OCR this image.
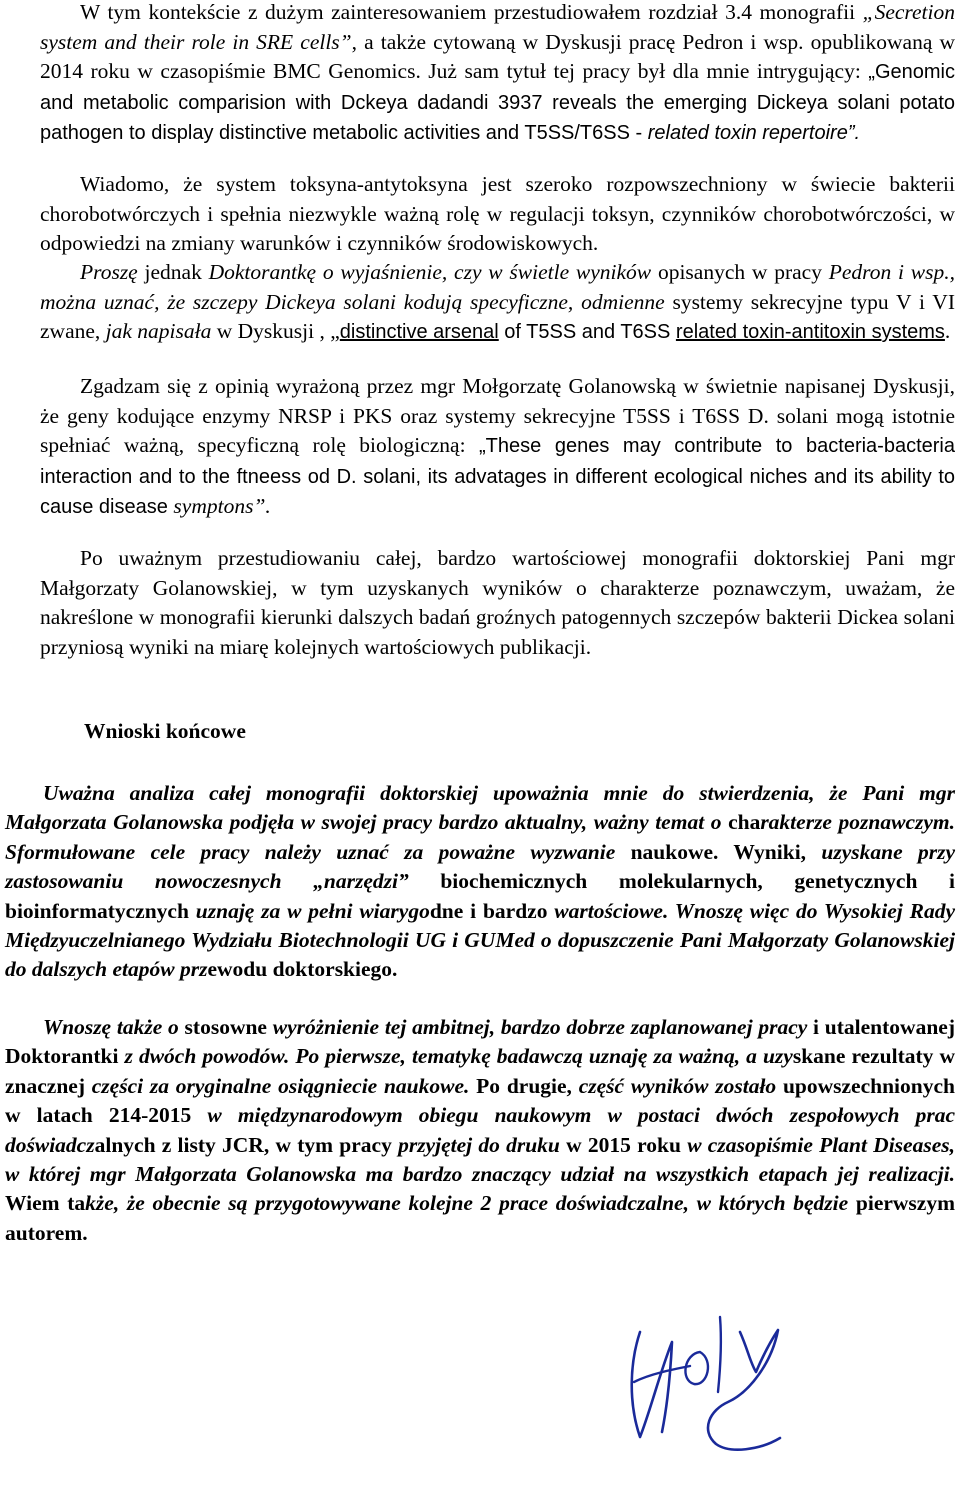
W tym kontekście z dużym zainteresowaniem przestudiowałem rozdział 3.4 monografii „Secretion system and their role in SRE cells”, a także cytowaną w Dyskusji pracę Pedron i wsp. opublikowaną w 2014 roku w czasopiśmie BMC Genomics. Już sam tytuł tej pracy był dla mnie intrygujący: „Genomic and metabolic comparision with Dckeya dadandi 3937 reveals the emerging Dickeya solani potato pathogen to display distinctive metabolic activities and T5SS/T6SS - related toxin repertoire”.

Wiadomo, że system toksyna-antytoksyna jest szeroko rozpowszechniony w świecie bakterii chorobotwórczych i spełnia niezwykle ważną rolę w regulacji toksyn, czynników chorobotwórczości, w odpowiedzi na zmiany warunków i czynników środowiskowych.

Proszę jednak Doktorantkę o wyjaśnienie, czy w świetle wyników opisanych w pracy Pedron i wsp., można uznać, że szczepy Dickeya solani kodują specyficzne, odmienne systemy sekrecyjne typu V i VI zwane, jak napisała w Dyskusji , „distinctive arsenal of T5SS and T6SS related toxin-antitoxin systems.

Zgadzam się z opinią wyrażoną przez mgr Mołgorzatę Golanowską w świetnie napisanej Dyskusji, że geny kodujące enzymy NRSP i PKS oraz systemy sekrecyjne T5SS i T6SS D. solani mogą istotnie spełniać ważną, specyficzną rolę biologiczną: „These genes may contribute to bacteria-bacteria interaction and to the ftneess od D. solani, its advatages in different ecological niches and its ability to cause disease symptons”.

Po uważnym przestudiowaniu całej, bardzo wartościowej monografii doktorskiej Pani mgr Małgorzaty Golanowskiej, w tym uzyskanych wyników o charakterze poznawczym, uważam, że nakreślone w monografii kierunki dalszych badań groźnych patogennych szczepów bakterii Dickea solani przyniosą wyniki na miarę kolejnych wartościowych publikacji.

Wnioski końcowe

Uważna analiza całej monografii doktorskiej upoważnia mnie do stwierdzenia, że Pani mgr Małgorzata Golanowska podjęła w swojej pracy bardzo aktualny, ważny temat o charakterze poznawczym. Sformułowane cele pracy należy uznać za poważne wyzwanie naukowe. Wyniki, uzyskane przy zastosowaniu nowoczesnych „narzędzi” biochemicznych molekularnych, genetycznych i bioinformatycznych uznaję za w pełni wiarygodne i bardzo wartościowe. Wnoszę więc do Wysokiej Rady Międzyuczelnianego Wydziału Biotechnologii UG i GUMed o dopuszczenie Pani Małgorzaty Golanowskiej do dalszych etapów przewodu doktorskiego.

Wnoszę także o stosowne wyróżnienie tej ambitnej, bardzo dobrze zaplanowanej pracy i utalentowanej Doktorantki z dwóch powodów. Po pierwsze, tematykę badawczą uznaję za ważną, a uzyskane rezultaty w znacznej części za oryginalne osiągniecie naukowe. Po drugie, część wyników zostało upowszechnionych w latach 214-2015 w międzynarodowym obiegu naukowym w postaci dwóch zespołowych prac doświadczalnych z listy JCR, w tym pracy przyjętej do druku w 2015 roku w czasopiśmie Plant Diseases, w której mgr Małgorzata Golanowska ma bardzo znaczący udział na wszystkich etapach jej realizacji. Wiem także, że obecnie są przygotowywane kolejne 2 prace doświadczalne, w których będzie pierwszym autorem.
